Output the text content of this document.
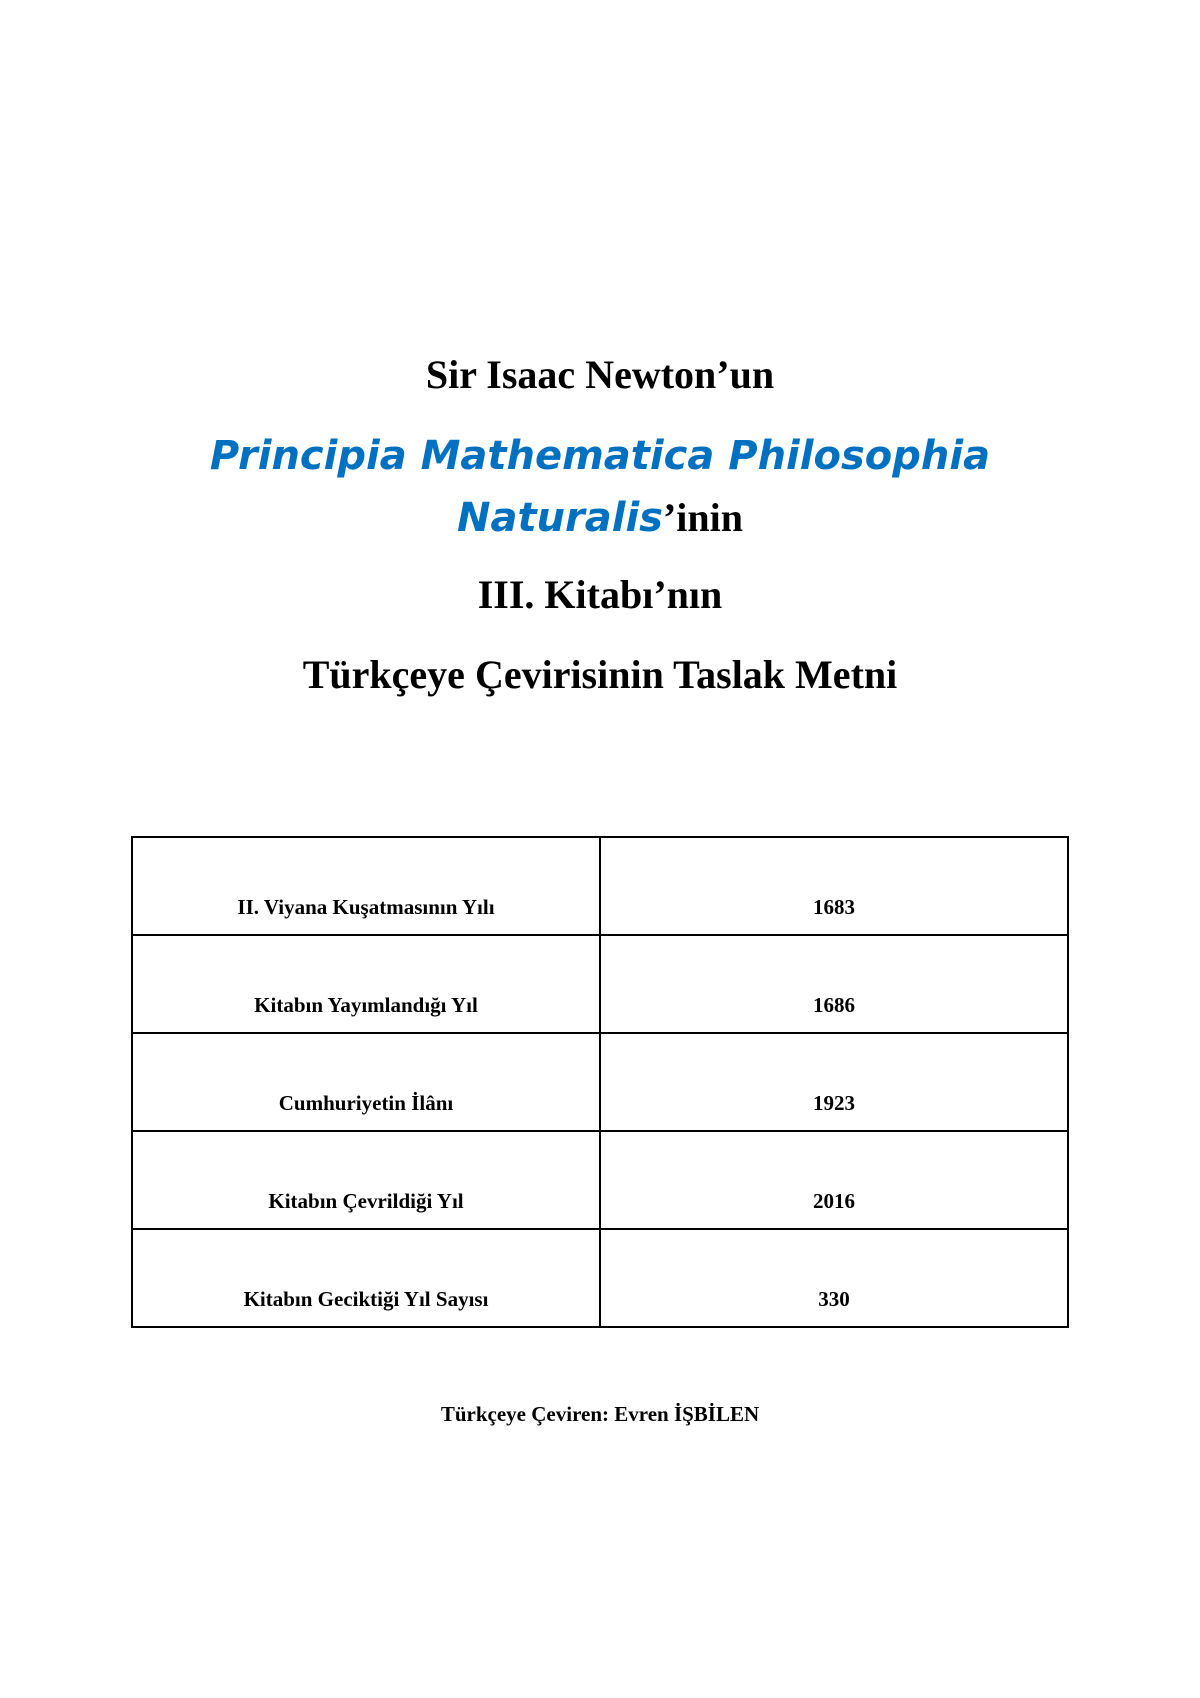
Sir Isaac Newton’un
Principia Mathematica Philosophia
Naturalis’inin
III. Kitabı’nın
Türkçeye Çevirisinin Taslak Metni
II. Viyana Kuşatmasının Yılı	1683
Kitabın Yayımlandığı Yıl	1686
Cumhuriyetin İlânı	1923
Kitabın Çevrildiği Yıl	2016
Kitabın Geciktiği Yıl Sayısı	330
Türkçeye Çeviren: Evren İŞBİLEN
